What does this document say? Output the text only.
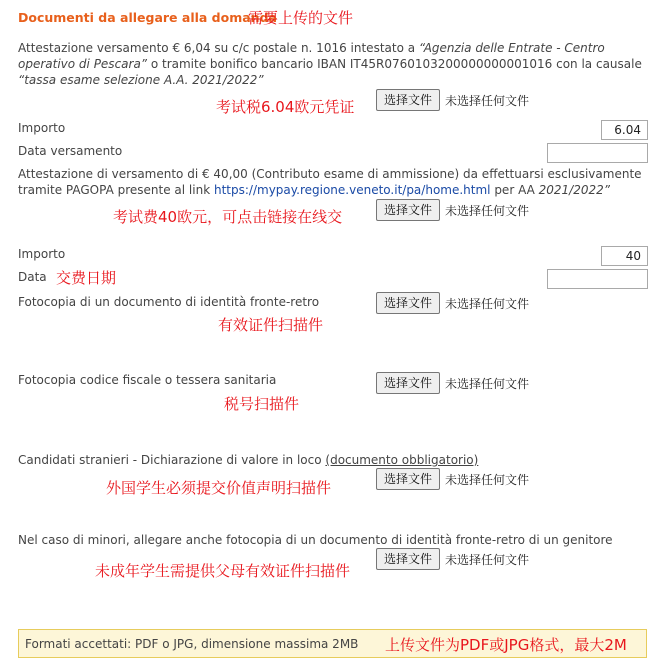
Documenti da allegare alla domanda
需要上传的文件
Attestazione versamento € 6,04 su c/c postale n. 1016 intestato a “Agenzia delle Entrate - Centro operativo di Pescara” o tramite bonifico bancario IBAN IT45R0760103200000000001016 con la causale “tassa esame selezione A.A. 2021/2022”
考试税6.04欧元凭证	选择文件	未选择任何文件
Importo	6.04
Data versamento
Attestazione di versamento di € 40,00 (Contributo esame di ammissione) da effettuarsi esclusivamente tramite PAGOPA presente al link https://mypay.regione.veneto.it/pa/home.html per AA 2021/2022”
考试费40欧元，可点击链接在线交	选择文件	未选择任何文件
Importo	40
Data 交费日期
Fotocopia di un documento di identità fronte-retro	选择文件	未选择任何文件
有效证件扫描件
Fotocopia codice fiscale o tessera sanitaria	选择文件	未选择任何文件
税号扫描件
Candidati stranieri - Dichiarazione di valore in loco (documento obbligatorio)
选择文件	未选择任何文件
外国学生必须提交价值声明扫描件
Nel caso di minori, allegare anche fotocopia di un documento di identità fronte-retro di un genitore
选择文件	未选择任何文件
未成年学生需提供父母有效证件扫描件
Formati accettati: PDF o JPG, dimensione massima 2MB 上传文件为PDF或JPG格式，最大2M
